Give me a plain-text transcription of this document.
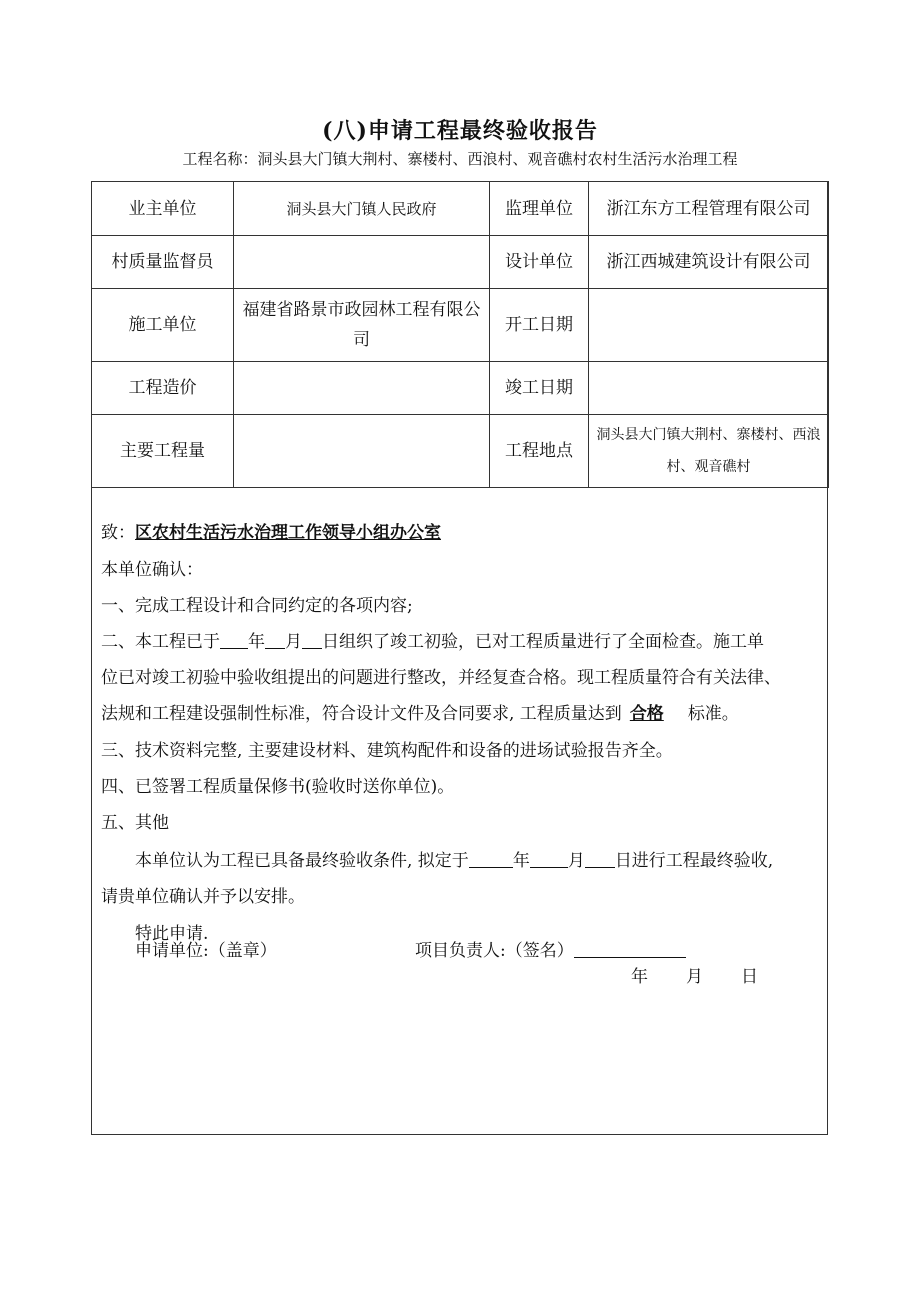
(八)申请工程最终验收报告
工程名称：洞头县大门镇大荆村、寨楼村、西浪村、观音礁村农村生活污水治理工程
业主单位	洞头县大门镇人民政府	监理单位	浙江东方工程管理有限公司
村质量监督员		设计单位	浙江西城建筑设计有限公司
施工单位	福建省路景市政园林工程有限公司	开工日期	
工程造价		竣工日期	
主要工程量		工程地点	洞头县大门镇大荆村、寨楼村、西浪村、观音礁村
致：区农村生活污水治理工作领导小组办公室
本单位确认：
一、完成工程设计和合同约定的各项内容;
二、本工程已于 年 月 日组织了竣工初验，已对工程质量进行了全面检查。施工单
位已对竣工初验中验收组提出的问题进行整改，并经复查合格。现工程质量符合有关法律、
法规和工程建设强制性标准，符合设计文件及合同要求, 工程质量达到 合格 标准。
三、技术资料完整, 主要建设材料、建筑构配件和设备的进场试验报告齐全。
四、已签署工程质量保修书(验收时送你单位)。
五、其他
本单位认为工程已具备最终验收条件, 拟定于	年 月 日进行工程最终验收,
请贵单位确认并予以安排。
特此申请.
申请单位:（盖章）	项目负责人:（签名）
年 月 日
